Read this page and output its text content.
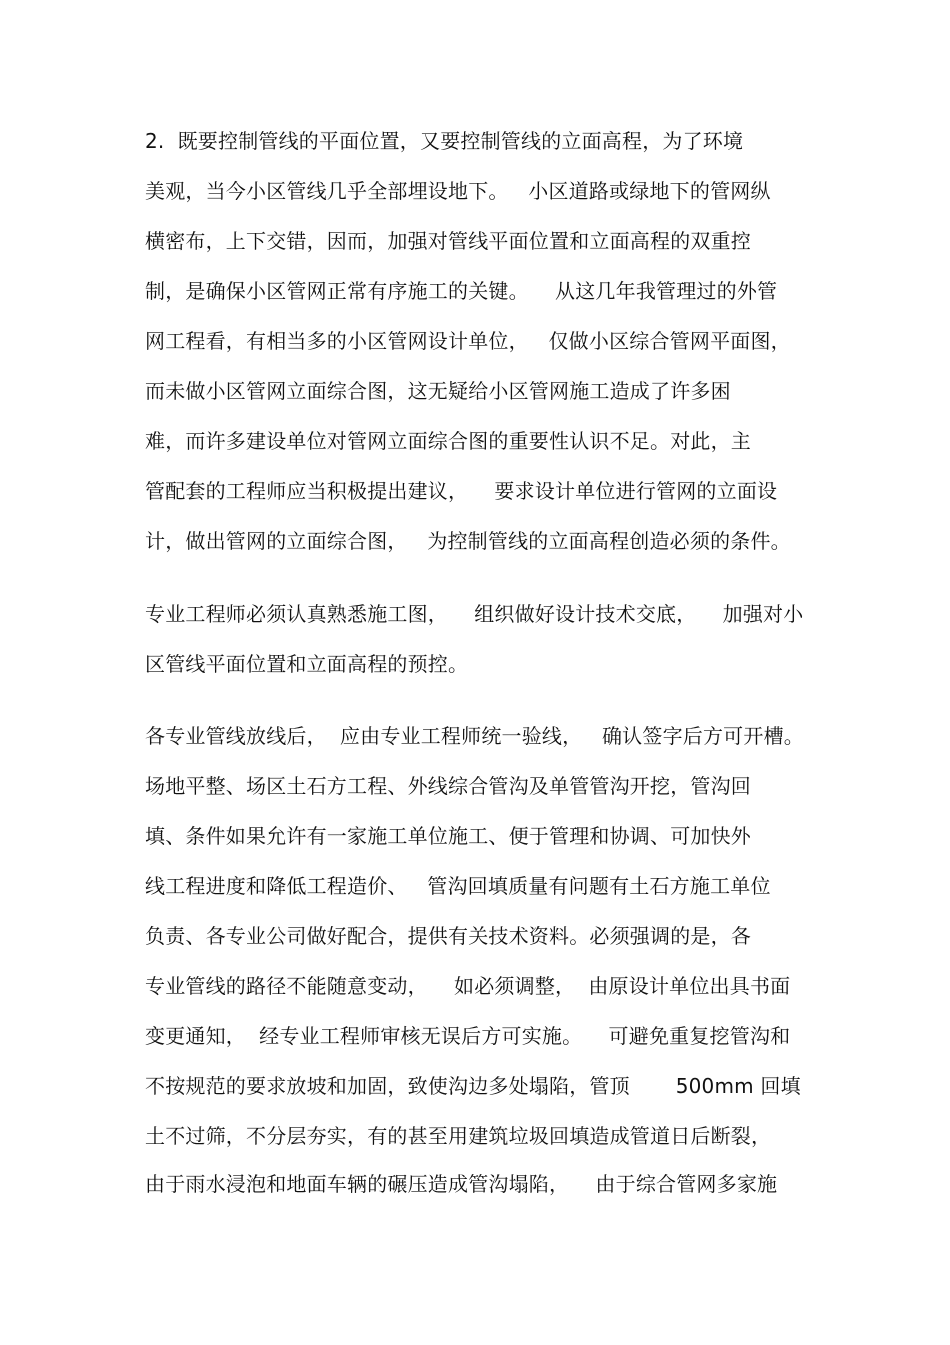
2.  既要控制管线的平面位置，又要控制管线的立面高程，为了环境
美观，当今小区管线几乎全部埋设地下。   小区道路或绿地下的管网纵
横密布，上下交错，因而，加强对管线平面位置和立面高程的双重控
制，是确保小区管网正常有序施工的关键。    从这几年我管理过的外管
网工程看，有相当多的小区管网设计单位，   仅做小区综合管网平面图，
而未做小区管网立面综合图，这无疑给小区管网施工造成了许多困
难，而许多建设单位对管网立面综合图的重要性认识不足。对此，主
管配套的工程师应当积极提出建议，    要求设计单位进行管网的立面设
计，做出管网的立面综合图，   为控制管线的立面高程创造必须的条件。
专业工程师必须认真熟悉施工图，    组织做好设计技术交底，    加强对小
区管线平面位置和立面高程的预控。
各专业管线放线后，  应由专业工程师统一验线，   确认签字后方可开槽。
场地平整、场区土石方工程、外线综合管沟及单管管沟开挖，管沟回
填、条件如果允许有一家施工单位施工、便于管理和协调、可加快外
线工程进度和降低工程造价、   管沟回填质量有问题有土石方施工单位
负责、各专业公司做好配合，提供有关技术资料。必须强调的是，各
专业管线的路径不能随意变动，    如必须调整，  由原设计单位出具书面
变更通知，  经专业工程师审核无误后方可实施。    可避免重复挖管沟和
不按规范的要求放坡和加固，致使沟边多处塌陷，管顶       500mm 回填
土不过筛，不分层夯实，有的甚至用建筑垃圾回填造成管道日后断裂，
由于雨水浸泡和地面车辆的碾压造成管沟塌陷，    由于综合管网多家施
